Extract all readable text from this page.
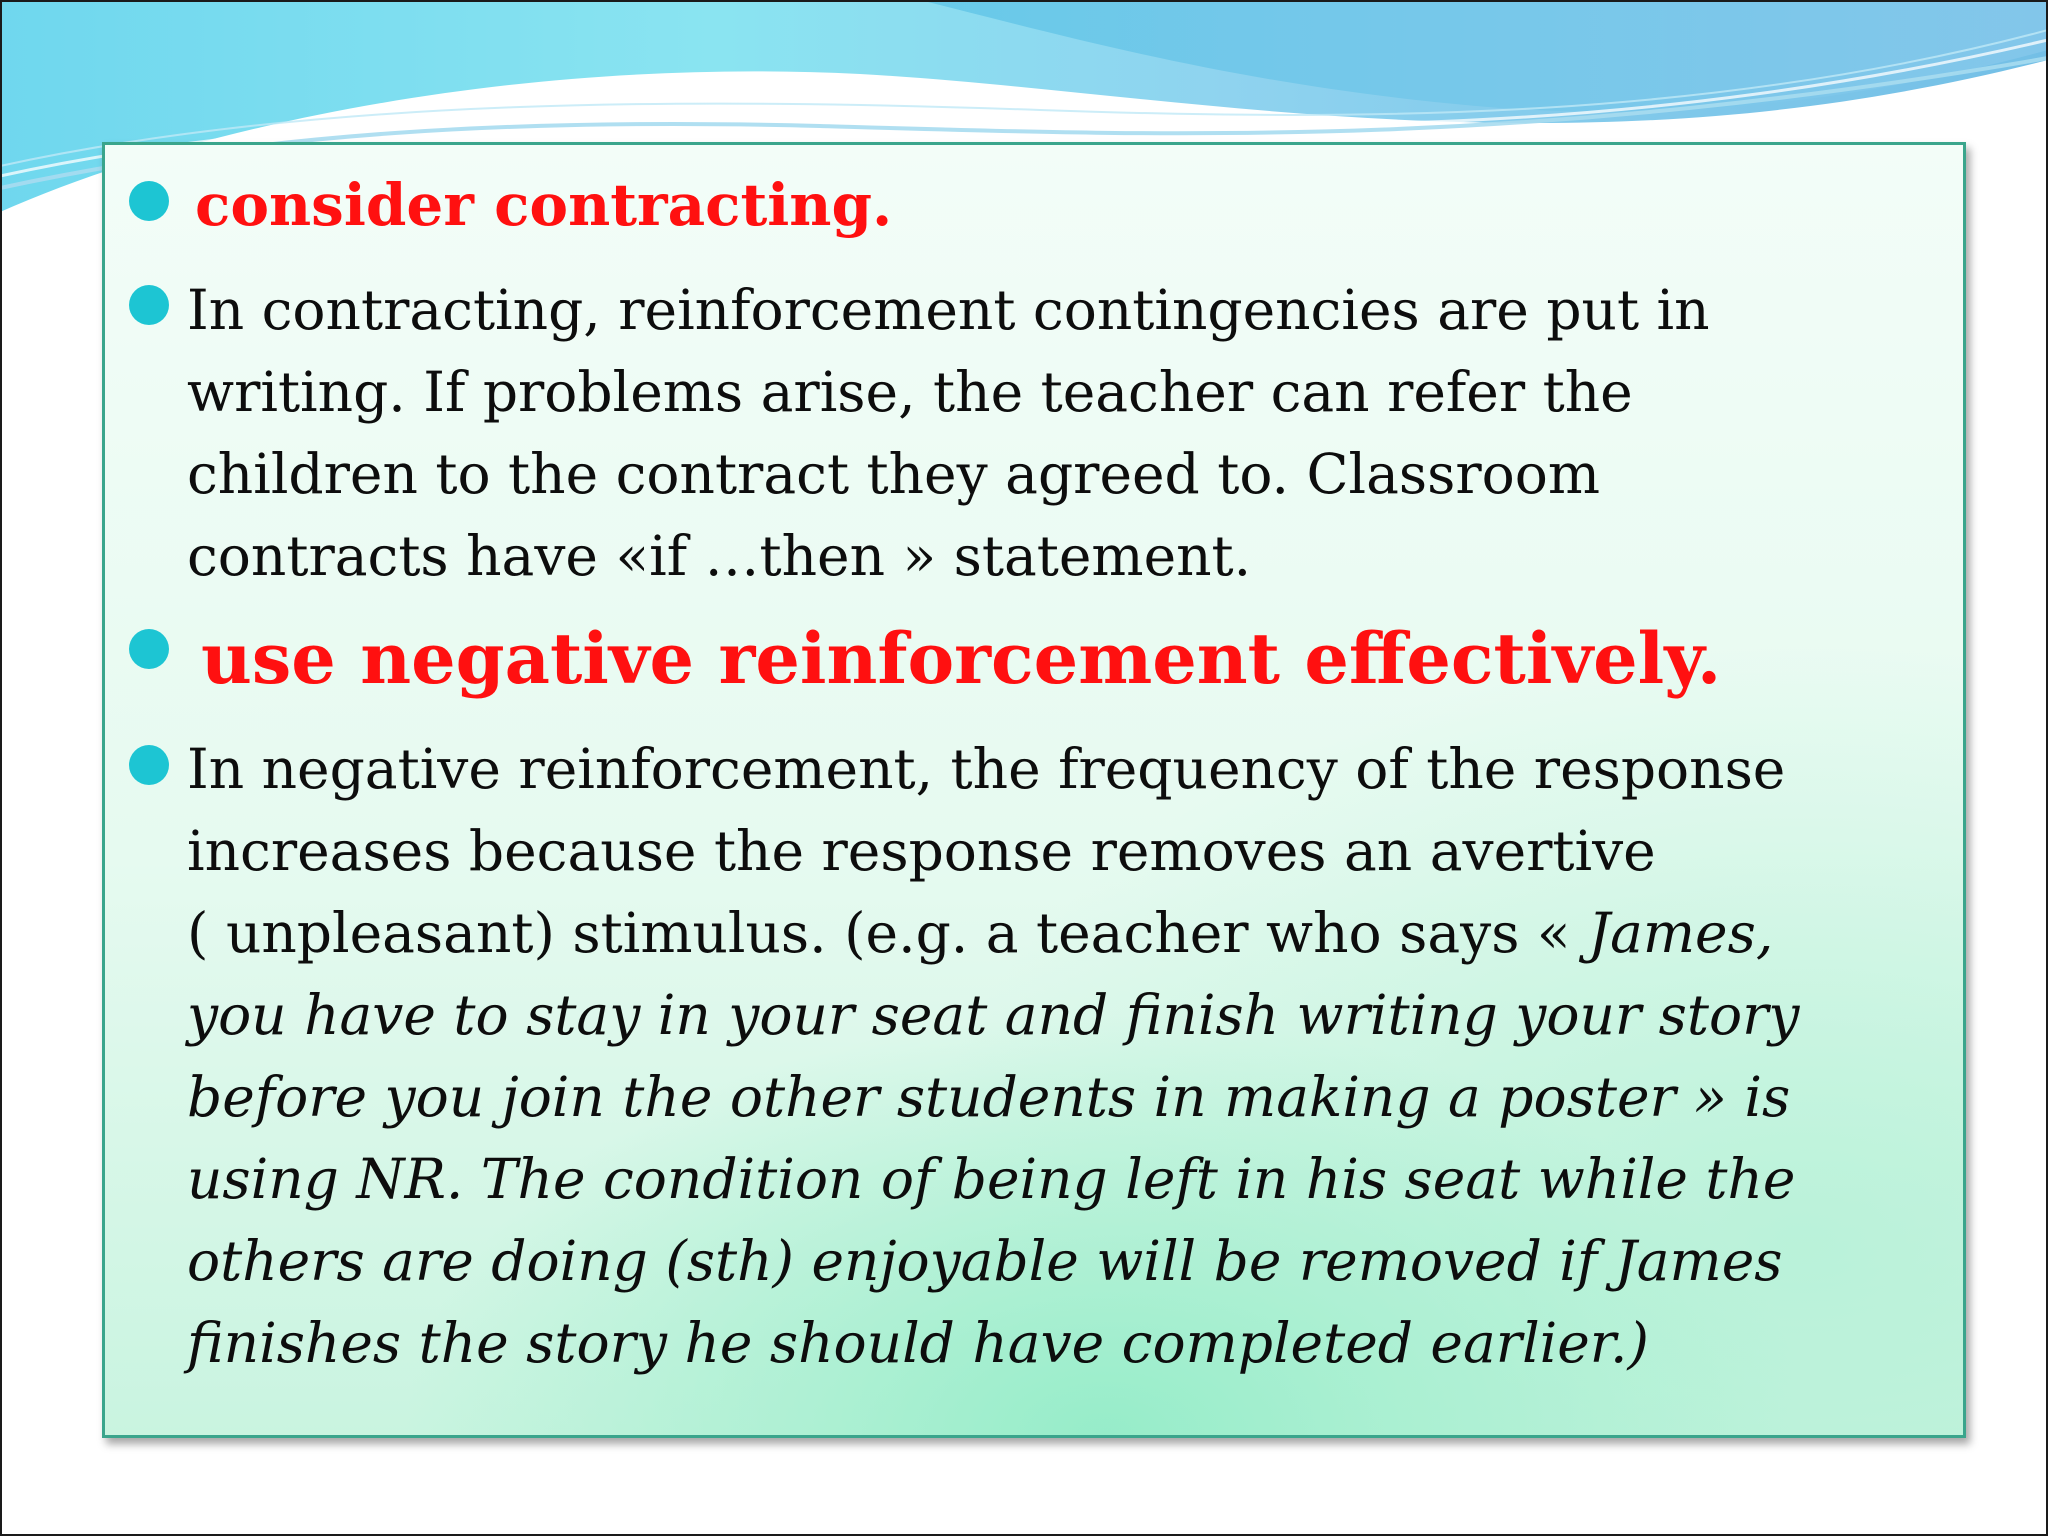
consider contracting.
In contracting, reinforcement contingencies are put in
writing. If problems arise, the teacher can refer the
children to the contract they agreed to. Classroom
contracts have «if …then » statement.
use negative reinforcement effectively.
In negative reinforcement, the frequency of the response
increases because the response removes an avertive
( unpleasant) stimulus. (e.g. a teacher who says « James,
you have to stay in your seat and finish writing your story
before you join the other students in making a poster » is
using NR. The condition of being left in his seat while the
others are doing (sth) enjoyable will be removed if James
finishes the story he should have completed earlier.)
